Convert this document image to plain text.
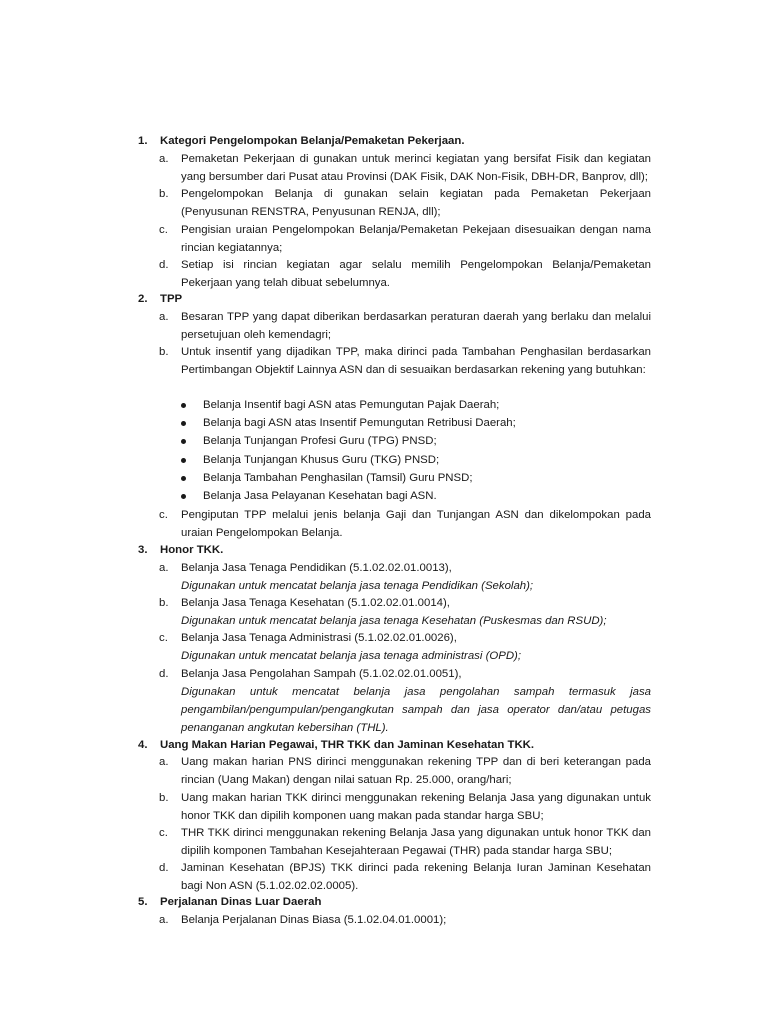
1. Kategori Pengelompokan Belanja/Pemaketan Pekerjaan.
a. Pemaketan Pekerjaan di gunakan untuk merinci kegiatan yang bersifat Fisik dan kegiatan yang bersumber dari Pusat atau Provinsi (DAK Fisik, DAK Non-Fisik, DBH-DR, Banprov, dll);
b. Pengelompokan Belanja di gunakan selain kegiatan pada Pemaketan Pekerjaan (Penyusunan RENSTRA, Penyusunan RENJA, dll);
c. Pengisian uraian Pengelompokan Belanja/Pemaketan Pekejaan disesuaikan dengan nama rincian kegiatannya;
d. Setiap isi rincian kegiatan agar selalu memilih Pengelompokan Belanja/Pemaketan Pekerjaan yang telah dibuat sebelumnya.
2. TPP
a. Besaran TPP yang dapat diberikan berdasarkan peraturan daerah yang berlaku dan melalui persetujuan oleh kemendagri;
b. Untuk insentif yang dijadikan TPP, maka dirinci pada Tambahan Penghasilan berdasarkan Pertimbangan Objektif Lainnya ASN dan di sesuaikan berdasarkan rekening yang butuhkan:
Belanja Insentif bagi ASN atas Pemungutan Pajak Daerah;
Belanja bagi ASN atas Insentif Pemungutan Retribusi Daerah;
Belanja Tunjangan Profesi Guru (TPG) PNSD;
Belanja Tunjangan Khusus Guru (TKG) PNSD;
Belanja Tambahan Penghasilan (Tamsil) Guru PNSD;
Belanja Jasa Pelayanan Kesehatan bagi ASN.
c. Pengiputan TPP melalui jenis belanja Gaji dan Tunjangan ASN dan dikelompokan pada uraian Pengelompokan Belanja.
3. Honor TKK.
a. Belanja Jasa Tenaga Pendidikan (5.1.02.02.01.0013),
Digunakan untuk mencatat belanja jasa tenaga Pendidikan (Sekolah);
b. Belanja Jasa Tenaga Kesehatan (5.1.02.02.01.0014),
Digunakan untuk mencatat belanja jasa tenaga Kesehatan (Puskesmas dan RSUD);
c. Belanja Jasa Tenaga Administrasi (5.1.02.02.01.0026),
Digunakan untuk mencatat belanja jasa tenaga administrasi (OPD);
d. Belanja Jasa Pengolahan Sampah (5.1.02.02.01.0051),
Digunakan untuk mencatat belanja jasa pengolahan sampah termasuk jasa pengambilan/pengumpulan/pengangkutan sampah dan jasa operator dan/atau petugas penanganan angkutan kebersihan (THL).
4. Uang Makan Harian Pegawai, THR TKK dan Jaminan Kesehatan TKK.
a. Uang makan harian PNS dirinci menggunakan rekening TPP dan di beri keterangan pada rincian (Uang Makan) dengan nilai satuan Rp. 25.000, orang/hari;
b. Uang makan harian TKK dirinci menggunakan rekening Belanja Jasa yang digunakan untuk honor TKK dan dipilih komponen uang makan pada standar harga SBU;
c. THR TKK dirinci menggunakan rekening Belanja Jasa yang digunakan untuk honor TKK dan dipilih komponen Tambahan Kesejahteraan Pegawai (THR) pada standar harga SBU;
d. Jaminan Kesehatan (BPJS) TKK dirinci pada rekening Belanja Iuran Jaminan Kesehatan bagi Non ASN (5.1.02.02.02.0005).
5. Perjalanan Dinas Luar Daerah
a. Belanja Perjalanan Dinas Biasa (5.1.02.04.01.0001);
